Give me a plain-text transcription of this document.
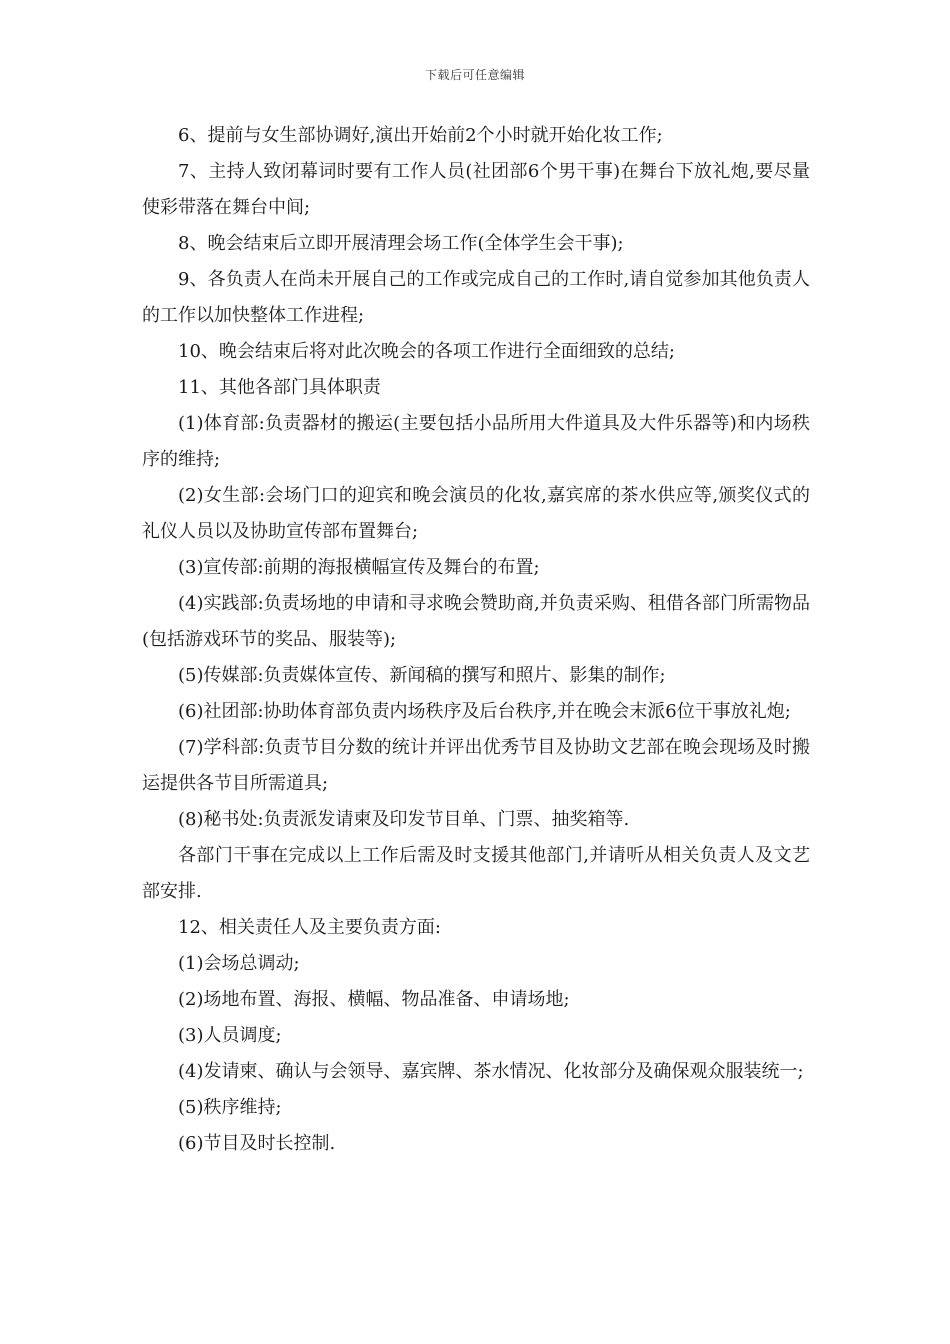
下载后可任意编辑

6、提前与女生部协调好,演出开始前2个小时就开始化妆工作;

7、主持人致闭幕词时要有工作人员(社团部6个男干事)在舞台下放礼炮,要尽量使彩带落在舞台中间;

8、晚会结束后立即开展清理会场工作(全体学生会干事);

9、各负责人在尚未开展自己的工作或完成自己的工作时,请自觉参加其他负责人的工作以加快整体工作进程;

10、晚会结束后将对此次晚会的各项工作进行全面细致的总结;

11、其他各部门具体职责

(1)体育部:负责器材的搬运(主要包括小品所用大件道具及大件乐器等)和内场秩序的维持;

(2)女生部:会场门口的迎宾和晚会演员的化妆,嘉宾席的茶水供应等,颁奖仪式的礼仪人员以及协助宣传部布置舞台;

(3)宣传部:前期的海报横幅宣传及舞台的布置;

(4)实践部:负责场地的申请和寻求晚会赞助商,并负责采购、租借各部门所需物品(包括游戏环节的奖品、服装等);

(5)传媒部:负责媒体宣传、新闻稿的撰写和照片、影集的制作;

(6)社团部:协助体育部负责内场秩序及后台秩序,并在晚会末派6位干事放礼炮;

(7)学科部:负责节目分数的统计并评出优秀节目及协助文艺部在晚会现场及时搬运提供各节目所需道具;

(8)秘书处:负责派发请柬及印发节目单、门票、抽奖箱等.

各部门干事在完成以上工作后需及时支援其他部门,并请听从相关负责人及文艺部安排.

12、相关责任人及主要负责方面:

(1)会场总调动;

(2)场地布置、海报、横幅、物品准备、申请场地;

(3)人员调度;

(4)发请柬、确认与会领导、嘉宾牌、茶水情况、化妆部分及确保观众服装统一;

(5)秩序维持;

(6)节目及时长控制.
